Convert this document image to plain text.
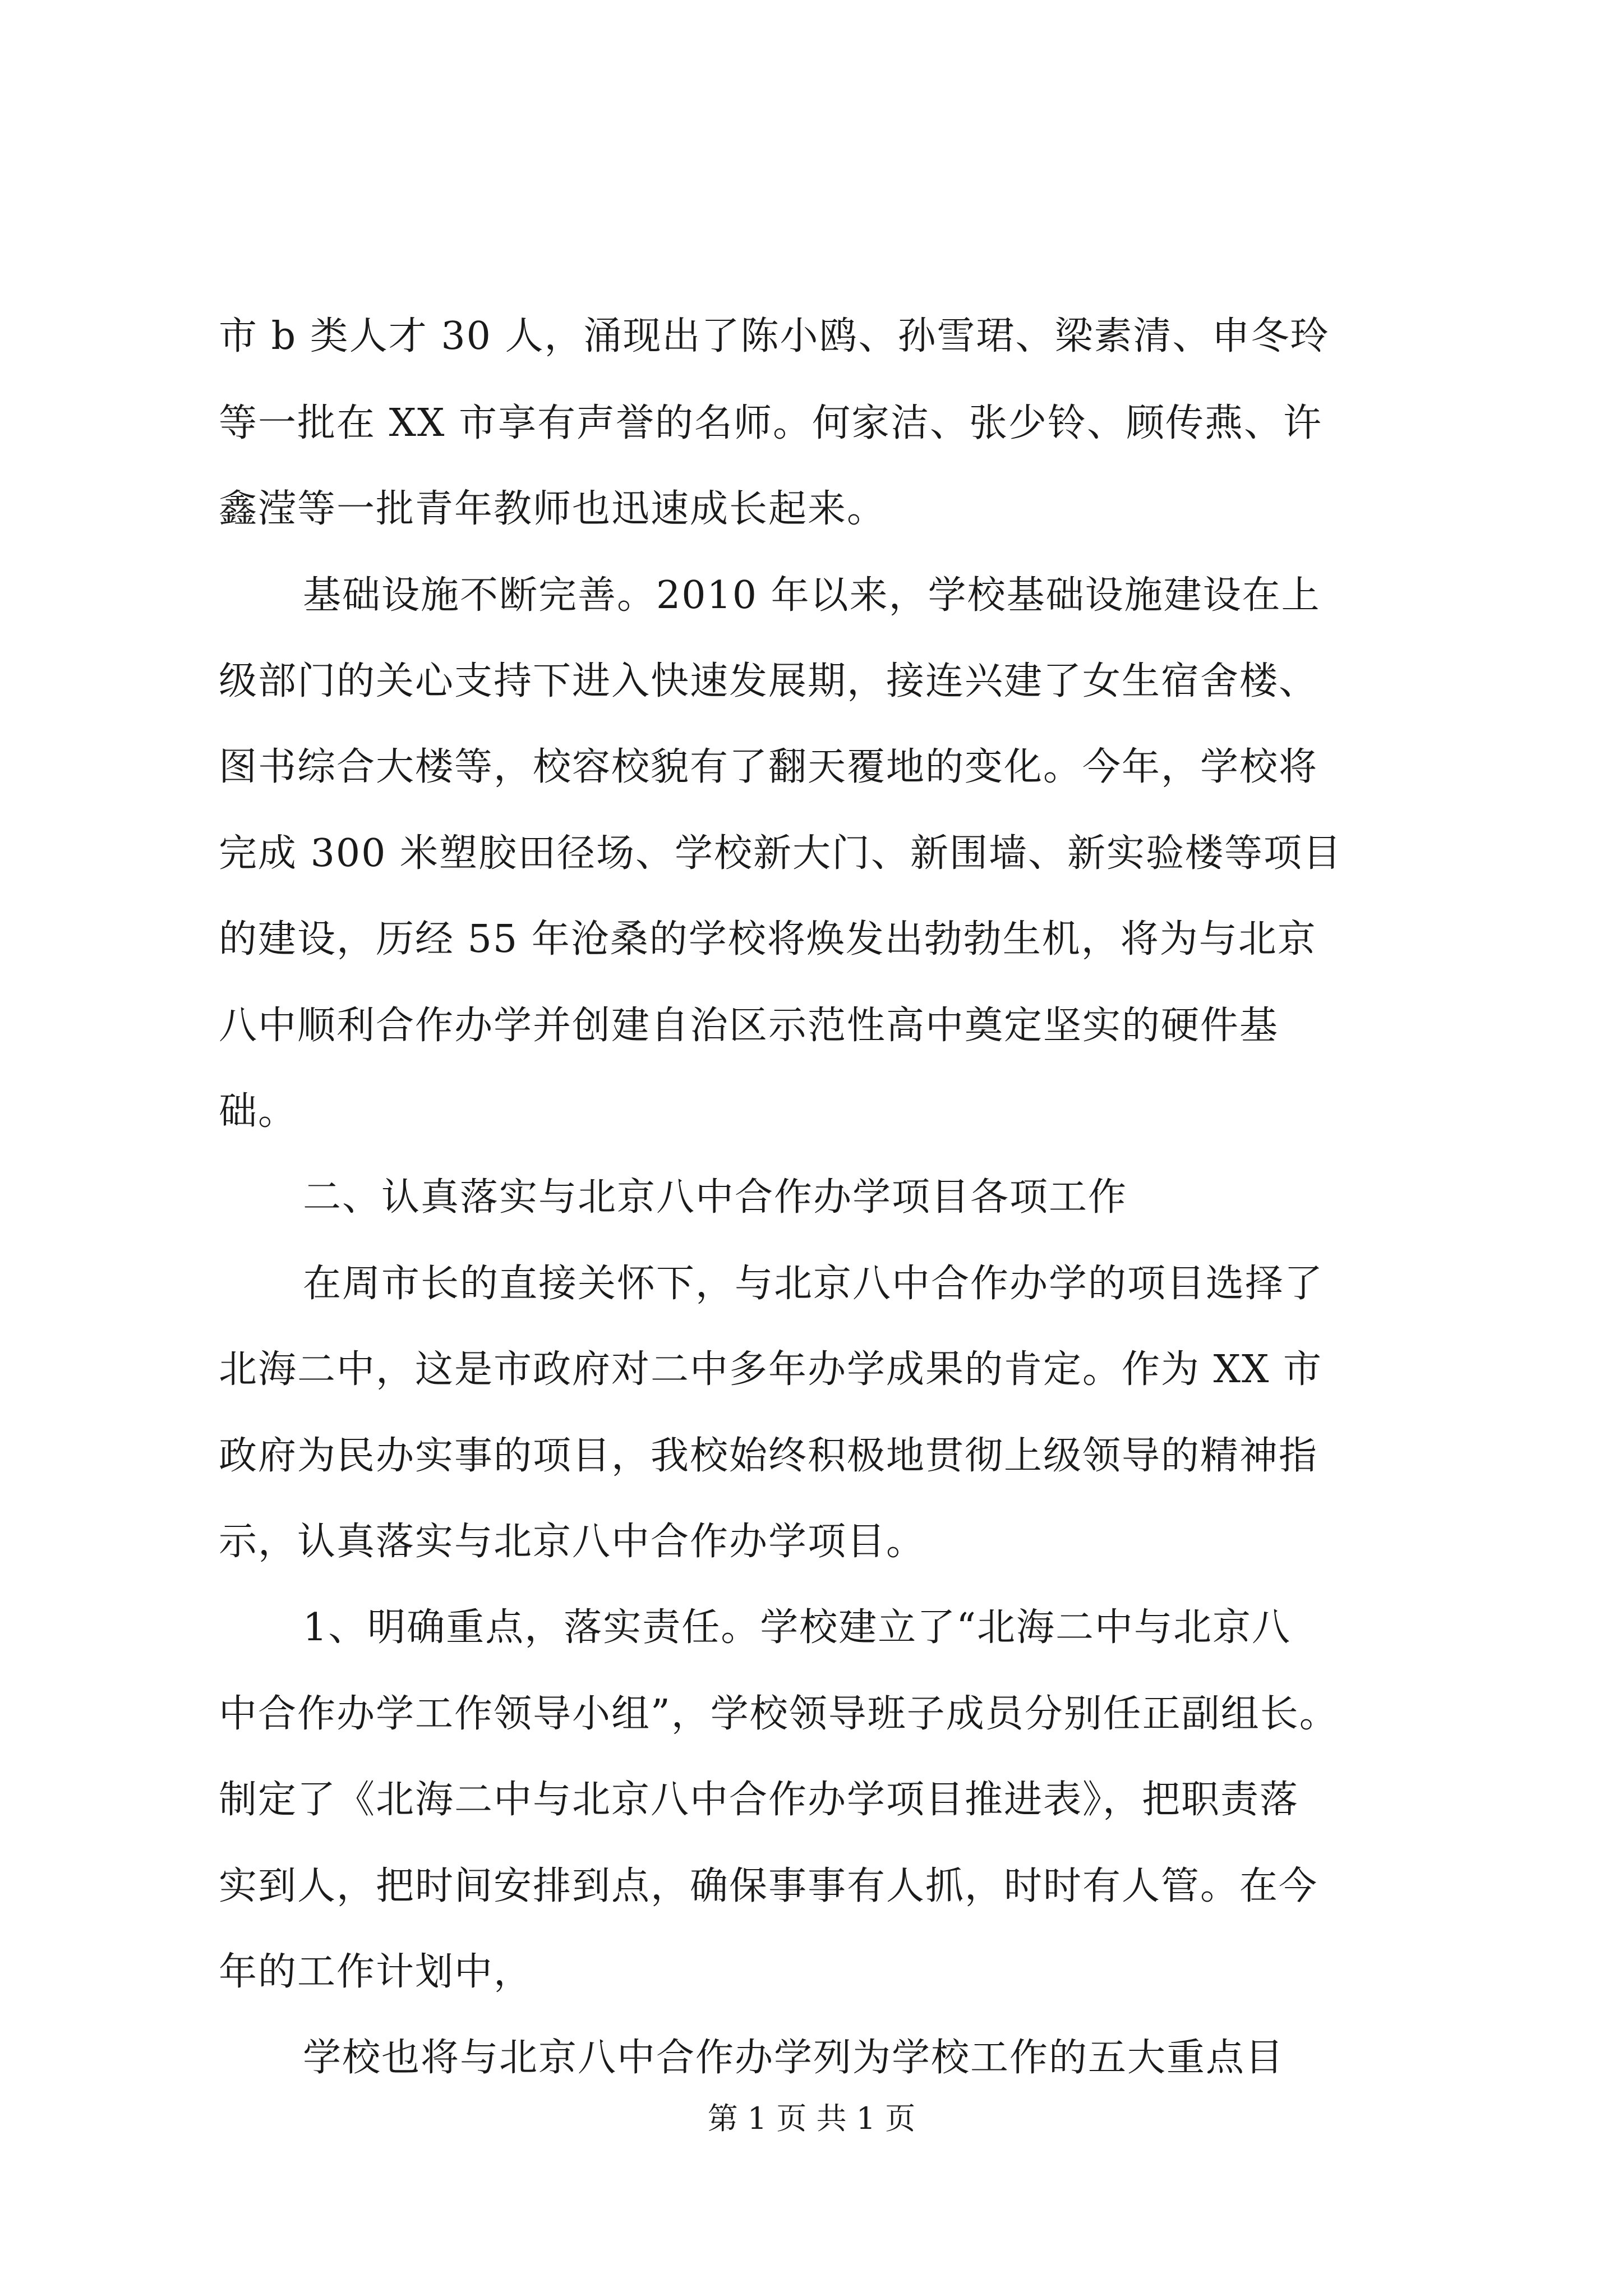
市 b 类人才 30 人，涌现出了陈小鸥、孙雪珺、梁素清、申冬玲
等一批在 XX 市享有声誉的名师。何家洁、张少铃、顾传燕、许
鑫滢等一批青年教师也迅速成长起来。
基础设施不断完善。2010 年以来，学校基础设施建设在上
级部门的关心支持下进入快速发展期，接连兴建了女生宿舍楼、
图书综合大楼等，校容校貌有了翻天覆地的变化。今年，学校将
完成 300 米塑胶田径场、学校新大门、新围墙、新实验楼等项目
的建设，历经 55 年沧桑的学校将焕发出勃勃生机，将为与北京
八中顺利合作办学并创建自治区示范性高中奠定坚实的硬件基
础。
二、认真落实与北京八中合作办学项目各项工作
在周市长的直接关怀下，与北京八中合作办学的项目选择了
北海二中，这是市政府对二中多年办学成果的肯定。作为 XX 市
政府为民办实事的项目，我校始终积极地贯彻上级领导的精神指
示，认真落实与北京八中合作办学项目。
1、明确重点，落实责任。学校建立了“北海二中与北京八
中合作办学工作领导小组”，学校领导班子成员分别任正副组长。
制定了《北海二中与北京八中合作办学项目推进表》，把职责落
实到人，把时间安排到点，确保事事有人抓，时时有人管。在今
年的工作计划中，
学校也将与北京八中合作办学列为学校工作的五大重点目
第 1 页 共 1 页
